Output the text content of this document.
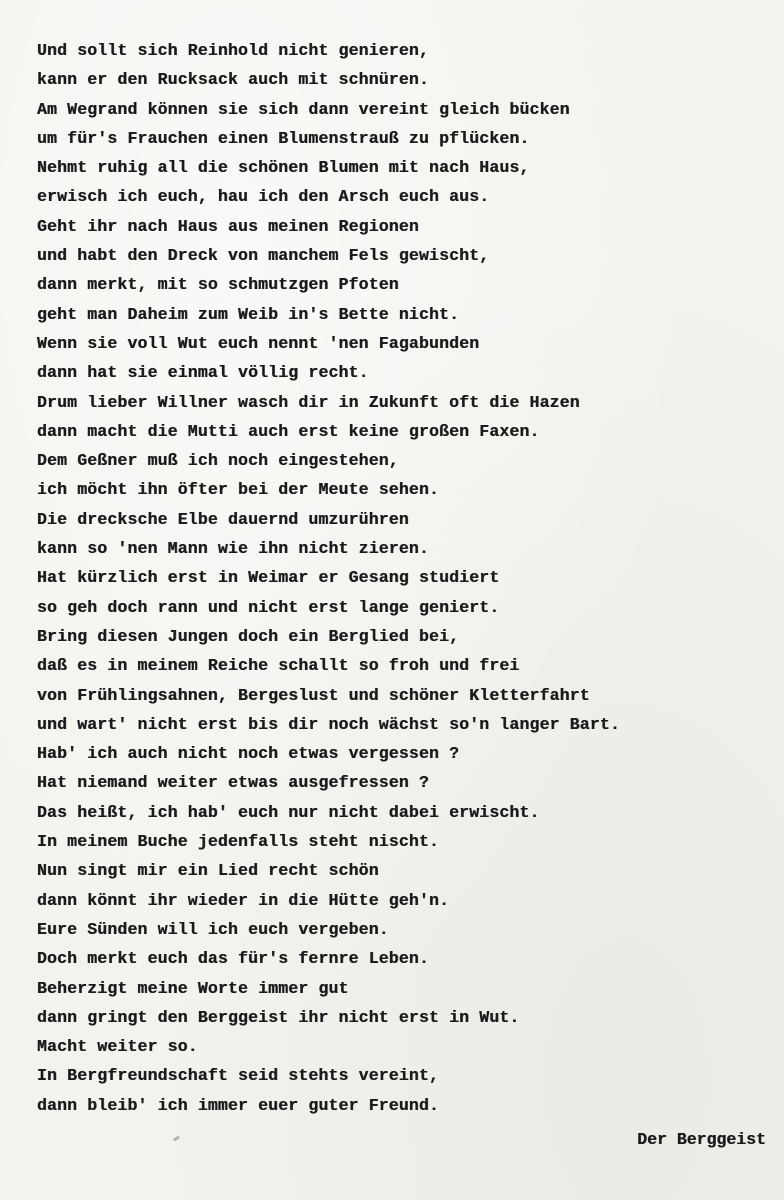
Und sollt sich Reinhold nicht genieren,
kann er den Rucksack auch mit schnüren.
Am Wegrand können sie sich dann vereint gleich bücken
um für's Frauchen einen Blumenstrauß zu pflücken.
Nehmt ruhig all die schönen Blumen mit nach Haus,
erwisch ich euch, hau ich den Arsch euch aus.
Geht ihr nach Haus aus meinen Regionen
und habt den Dreck von manchem Fels gewischt,
dann merkt, mit so schmutzgen Pfoten
geht man Daheim zum Weib in's Bette nicht.
Wenn sie voll Wut euch nennt 'nen Fagabunden
dann hat sie einmal völlig recht.
Drum lieber Willner wasch dir in Zukunft oft die Hazen
dann macht die Mutti auch erst keine großen Faxen.
Dem Geßner muß ich noch eingestehen,
ich möcht ihn öfter bei der Meute sehen.
Die drecksche Elbe dauernd umzurühren
kann so 'nen Mann wie ihn nicht zieren.
Hat kürzlich erst in Weimar er Gesang studiert
so geh doch rann und nicht erst lange geniert.
Bring diesen Jungen doch ein Berglied bei,
daß es in meinem Reiche schallt so froh und frei
von Frühlingsahnen, Bergeslust und schöner Kletterfahrt
und wart' nicht erst bis dir noch wächst so'n langer Bart.
Hab' ich auch nicht noch etwas vergessen ?
Hat niemand weiter etwas ausgefressen ?
Das heißt, ich hab' euch nur nicht dabei erwischt.
In meinem Buche jedenfalls steht nischt.
Nun singt mir ein Lied recht schön
dann könnt ihr wieder in die Hütte geh'n.
Eure Sünden will ich euch vergeben.
Doch merkt euch das für's fernre Leben.
Beherzigt meine Worte immer gut
dann gringt den Berggeist ihr nicht erst in Wut.
Macht weiter so.
In Bergfreundschaft seid stehts vereint,
dann bleib' ich immer euer guter Freund.
Der Berggeist
